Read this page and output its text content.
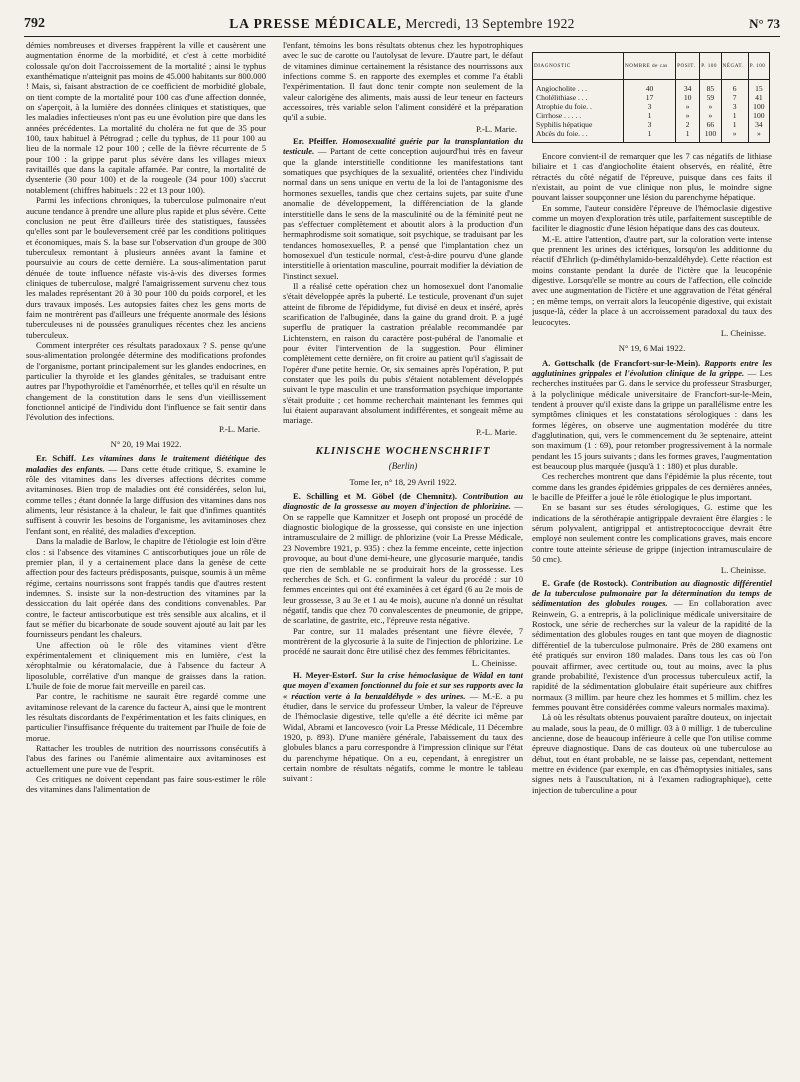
792	LA PRESSE MÉDICALE, Mercredi, 13 Septembre 1922	N° 73

démies nombreuses et diverses frappèrent la ville et causèrent une augmentation énorme de la morbidité, et c'est à cette morbidité colossale qu'on doit l'accroissement de la mortalité ; ainsi le typhus exanthématique n'atteignit pas moins de 45.000 habitants sur 800.000 ! Mais, si, faisant abstraction de ce coefficient de morbidité globale, on tient compte de la mortalité pour 100 cas d'une affection donnée, on s'aperçoit, à la lumière des données cliniques et statistiques, que les maladies infectieuses n'ont pas eu une évolution pire que dans les années précédentes. La mortalité du choléra ne fut que de 35 pour 100, taux habituel à Pétrograd ; celle du typhus, de 11 pour 100 au lieu de la normale 12 pour 100 ; celle de la fièvre récurrente de 5 pour 100 : la grippe parut plus sévère dans les villages mieux ravitaillés que dans la capitale affamée. Par contre, la mortalité de dysenterie (30 pour 100) et de la rougeole (34 pour 100) s'accrut notablement (chiffres habituels : 22 et 13 pour 100).

Parmi les infections chroniques, la tuberculose pulmonaire n'eut aucune tendance à prendre une allure plus rapide et plus sévère. Cette conclusion ne peut être d'ailleurs tirée des statistiques, faussées qu'elles sont par le bouleversement créé par les conditions politiques et économiques, mais S. la base sur l'observation d'un groupe de 300 tuberculeux remontant à plusieurs années avant la famine et poursuivie au cours de cette dernière. La sous-alimentation parut dénuée de toute influence néfaste vis-à-vis des diverses formes cliniques de tuberculose, malgré l'amaigrissement survenu chez tous les malades représentant 20 à 30 pour 100 du poids corporel, et les durs travaux imposés. Les autopsies faites chez les gens morts de faim ne montrèrent pas d'ailleurs une fréquente anormale des lésions tuberculeuses ni de poussées granuliques récentes chez les anciens tuberculeux.

Comment interpréter ces résultats paradoxaux ? S. pense qu'une sous-alimentation prolongée détermine des modifications profondes de l'organisme, portant principalement sur les glandes endocrines, en particulier la thyroïde et les glandes génitales, se traduisant entre autres par l'hypothyroïdie et l'aménorrhée, et telles qu'il en résulte un changement de la constitution dans le sens d'un vieillissement fonctionnel anticipé de l'individu dont l'influence se fait sentir dans l'évolution des infections.

P.-L. Marie.
N° 20, 19 Mai 1922.

Er. Schiff. Les vitamines dans le traitement diététique des maladies des enfants. — Dans cette étude critique, S. examine le rôle des vitamines dans les diverses affections décrites comme avitaminoses. Bien trop de maladies ont été considérées, selon lui, comme telles ; étant donnée la large diffusion des vitamines dans nos aliments, leur résistance à la chaleur, le fait que d'infimes quantités suffisent à couvrir les besoins de l'organisme, les avitaminoses chez l'enfant sont, en réalité, des maladies d'exception.

Dans la maladie de Barlow, le chapitre de l'étiologie est loin d'être clos : si l'absence des vitamines C antiscorbutiques joue un rôle de premier plan, il y a certainement place dans la genèse de cette affection pour des facteurs prédisposants, puisque, soumis à un même régime, certains nourrissons sont frappés tandis que d'autres restent indemnes. S. insiste sur la non-destruction des vitamines par la dessiccation du lait opérée dans des conditions convenables. Par contre, le facteur antiscorbutique est très sensible aux alcalins, et il faut se méfier du bicarbonate de soude souvent ajouté au lait par les fournisseurs pendant les chaleurs.

Une affection où le rôle des vitamines vient d'être expérimentalement et cliniquement mis en lumière, c'est la xérophtalmie ou kératomalacie, due à l'absence du facteur A liposoluble, corrélative d'un manque de graisses dans la ration. L'huile de foie de morue fait merveille en pareil cas.

Par contre, le rachitisme ne saurait être regardé comme une avitaminose relevant de la carence du facteur A, ainsi que le montrent les résultats discordants de l'expérimentation et les faits cliniques, en particulier l'insuffisance fréquente du traitement par l'huile de foie de morue.

Rattacher les troubles de nutrition des nourrissons consécutifs à l'abus des farines ou l'anémie alimentaire aux avitaminoses est actuellement une pure vue de l'esprit.

Ces critiques ne doivent cependant pas faire sous-estimer le rôle des vitamines dans l'alimentation de

l'enfant, témoins les bons résultats obtenus chez les hypotrophiques avec le suc de carotte ou l'autolysat de levure. D'autre part, le défaut de vitamines diminue certainement la résistance des nourrissons aux infections comme S. en rapporte des exemples et comme l'a établi l'expérimentation. Il faut donc tenir compte non seulement de la valeur calorigène des aliments, mais aussi de leur teneur en facteurs accessoires, très variable selon l'aliment considéré et la préparation qu'il a subie.

P.-L. Marie.

Er. Pfeiffer. Homosexualité guérie par la transplantation du testicule. — Partant de cette conception aujourd'hui très en faveur que la glande interstitielle conditionne les manifestations tant somatiques que psychiques de la sexualité, orientées chez l'individu normal dans un sens unique en vertu de la loi de l'antagonisme des hormones sexuelles, tandis que chez certains sujets, par suite d'une anomalie de développement, la différenciation de la glande interstitielle dans le sens de la masculinité ou de la féminité peut ne pas s'effectuer complètement et aboutit alors à la production d'un hermaphrodisme soit somatique, soit psychique, se traduisant par les tendances homosexuelles, P. a pensé que l'implantation chez un homosexuel d'un testicule normal, c'est-à-dire pourvu d'une glande interstitielle à orientation masculine, pourrait modifier la déviation de l'instinct sexuel.

Il a réalisé cette opération chez un homosexuel dont l'anomalie s'était développée après la puberté. Le testicule, provenant d'un sujet atteint de fibrome de l'épididyme, fut divisé en deux et inséré, après scarification de l'albuginée, dans la gaine du grand droit. P. a jugé superflu de pratiquer la castration préalable recommandée par Lichtenstern, en raison du caractère post-pubéral de l'anomalie et pour éviter l'intervention de la suggestion. Pour éliminer complètement cette dernière, on fit croire au patient qu'il s'agissait de l'opérer d'une petite hernie. Or, six semaines après l'opération, P. put constater que les poils du pubis s'étaient notablement développés suivant le type masculin et une transformation psychique importante s'était produite ; cet homme recherchait maintenant les femmes qui lui étaient auparavant absolument indifférentes, et songeait même au mariage.

P.-L. Marie.
KLINISCHE WOCHENSCHRIFT
(Berlin)
Tome Ier, n° 18, 29 Avril 1922.

E. Schilling et M. Göbel (de Chemnitz). Contribution au diagnostic de la grossesse au moyen d'injection de phlorizine. — On se rappelle que Kamnitzer et Joseph ont proposé un procédé de diagnostic biologique de la grossesse, qui consiste en une injection intramusculaire de 2 milligr. de phlorizine (voir La Presse Médicale, 23 Novembre 1921, p. 935) : chez la femme enceinte, cette injection provoque, au bout d'une demi-heure, une glycosurie marquée, tandis que rien de semblable ne se produirait hors de la grossesse. Les recherches de Sch. et G. confirment la valeur du procédé : sur 10 femmes enceintes qui ont été examinées à cet égard (6 au 2e mois de leur grossesse, 3 au 3e et 1 au 4e mois), aucune n'a donné un résultat négatif, tandis que chez 70 convalescentes de pneumonie, de grippe, de scarlatine, de gastrite, etc., l'épreuve resta négative.

Par contre, sur 11 malades présentant une fièvre élevée, 7 montrèrent de la glycosurie à la suite de l'injection de phlorizine. Le procédé ne saurait donc être utilisé chez des femmes fébricitantes.

L. Cheinisse.

H. Meyer-Estorf. Sur la crise hémoclasique de Widal en tant que moyen d'examen fonctionnel du foie et sur ses rapports avec la « réaction verte à la benzaldéhyde » des urines. — M.-E. a pu étudier, dans le service du professeur Umber, la valeur de l'épreuve de l'hémoclasie digestive, telle qu'elle a été décrite ici même par Widal, Abrami et Iancovesco (voir La Presse Médicale, 11 Décembre 1920, p. 893). D'une manière générale, l'abaissement du taux des globules blancs a paru correspondre à l'impression clinique sur l'état du parenchyme hépatique. On a eu, cependant, à enregistrer un certain nombre de résultats négatifs, comme le montre le tableau suivant :

DIAGNOSTIC	NOMBRE de cas	POSIT.	P. 100	NÉGAT.	P. 100
Angiocholite . . .	40	34	85	6	15
Cholélithiase . . .	17	10	59	7	41
Atrophie du foie. .	3	»	»	3	100
Cirrhose . . . . .	1	»	»	1	100
Syphilis hépatique	3	2	66	1	34
Abcès du foie. . .	1	1	100	»	»

Encore convient-il de remarquer que les 7 cas négatifs de lithiase biliaire et 1 cas d'angiocholite étaient observés, en réalité, être rétractés du côté négatif de l'épreuve, puisque dans ces faits il n'existait, au point de vue clinique non plus, le moindre signe pouvant laisser soupçonner une lésion du parenchyme hépatique.

En somme, l'auteur considère l'épreuve de l'hémoclasie digestive comme un moyen d'exploration très utile, parfaitement susceptible de faciliter le diagnostic d'une lésion hépatique dans des cas douteux.

M.-E. attire l'attention, d'autre part, sur la coloration verte intense que prennent les urines des ictériques, lorsqu'on les additionne du réactif d'Ehrlich (p-diméthylamido-benzaldéhyde). Cette réaction est moins constante pendant la durée de l'ictère que la leucopénie digestive. Lorsqu'elle se montre au cours de l'affection, elle coïncide avec une augmentation de l'ictère et une aggravation de l'état général ; en même temps, on verrait alors la leucopénie digestive, qui existait jusque-là, céder la place à un accroissement paradoxal du taux des leucocytes.

L. Cheinisse.
N° 19, 6 Mai 1922.

A. Gottschalk (de Francfort-sur-le-Mein). Rapports entre les agglutinines grippales et l'évolution clinique de la grippe. — Les recherches instituées par G. dans le service du professeur Strasburger, à la polyclinique médicale universitaire de Francfort-sur-le-Mein, tendent à prouver qu'il existe dans la grippe un parallélisme entre les symptômes cliniques et les constatations sérologiques : dans les formes légères, on observe une augmentation modérée du titre d'agglutination, qui, vers le commencement du 3e septenaire, atteint son maximum (1 : 69), pour retomber progressivement à la normale pendant les 15 jours suivants ; dans les formes graves, l'augmentation est beaucoup plus marquée (jusqu'à 1 : 180) et plus durable.

Ces recherches montrent que dans l'épidémie la plus récente, tout comme dans les grandes épidémies grippales de ces dernières années, le bacille de Pfeiffer a joué le rôle étiologique le plus important.

En se basant sur ses études sérologiques, G. estime que les indications de la sérothérapie antigrippale devraient être élargies : le sérum polyvalent, antigrippal et antistreptococcique devrait être employé non seulement contre les complications graves, mais encore contre toute atteinte sérieuse de grippe (injection intramusculaire de 50 cmc).

L. Cheinisse.

E. Grafe (de Rostock). Contribution au diagnostic différentiel de la tuberculose pulmonaire par la détermination du temps de sédimentation des globules rouges. — En collaboration avec Reinwein, G. a entrepris, à la policlinique médicale universitaire de Rostock, une série de recherches sur la valeur de la rapidité de la sédimentation des globules rouges en tant que moyen de diagnostic différentiel de la tuberculose pulmonaire. Près de 280 examens ont été pratiqués sur environ 180 malades. Dans tous les cas où l'on pouvait affirmer, avec certitude ou, tout au moins, avec la plus grande probabilité, l'existence d'un processus tuberculeux actif, la rapidité de la sédimentation globulaire était supérieure aux chiffres normaux (3 millim. par heure chez les hommes et 5 millim. chez les femmes pouvant être considérées comme valeurs normales maxima).

Là où les résultats obtenus pouvaient paraître douteux, on injectait au malade, sous la peau, de 0 milligr. 03 à 0 milligr. 1 de tuberculine ancienne, dose de beaucoup inférieure à celle que l'on utilise comme épreuve diagnostique. Dans de cas douteux où une tuberculose au début, tout en étant probable, ne se laisse pas, cependant, nettement mettre en évidence (par exemple, en cas d'hémoptysies initiales, sans signes nets à l'auscultation, ni à l'examen radiographique), cette injection de tuberculine a pour
